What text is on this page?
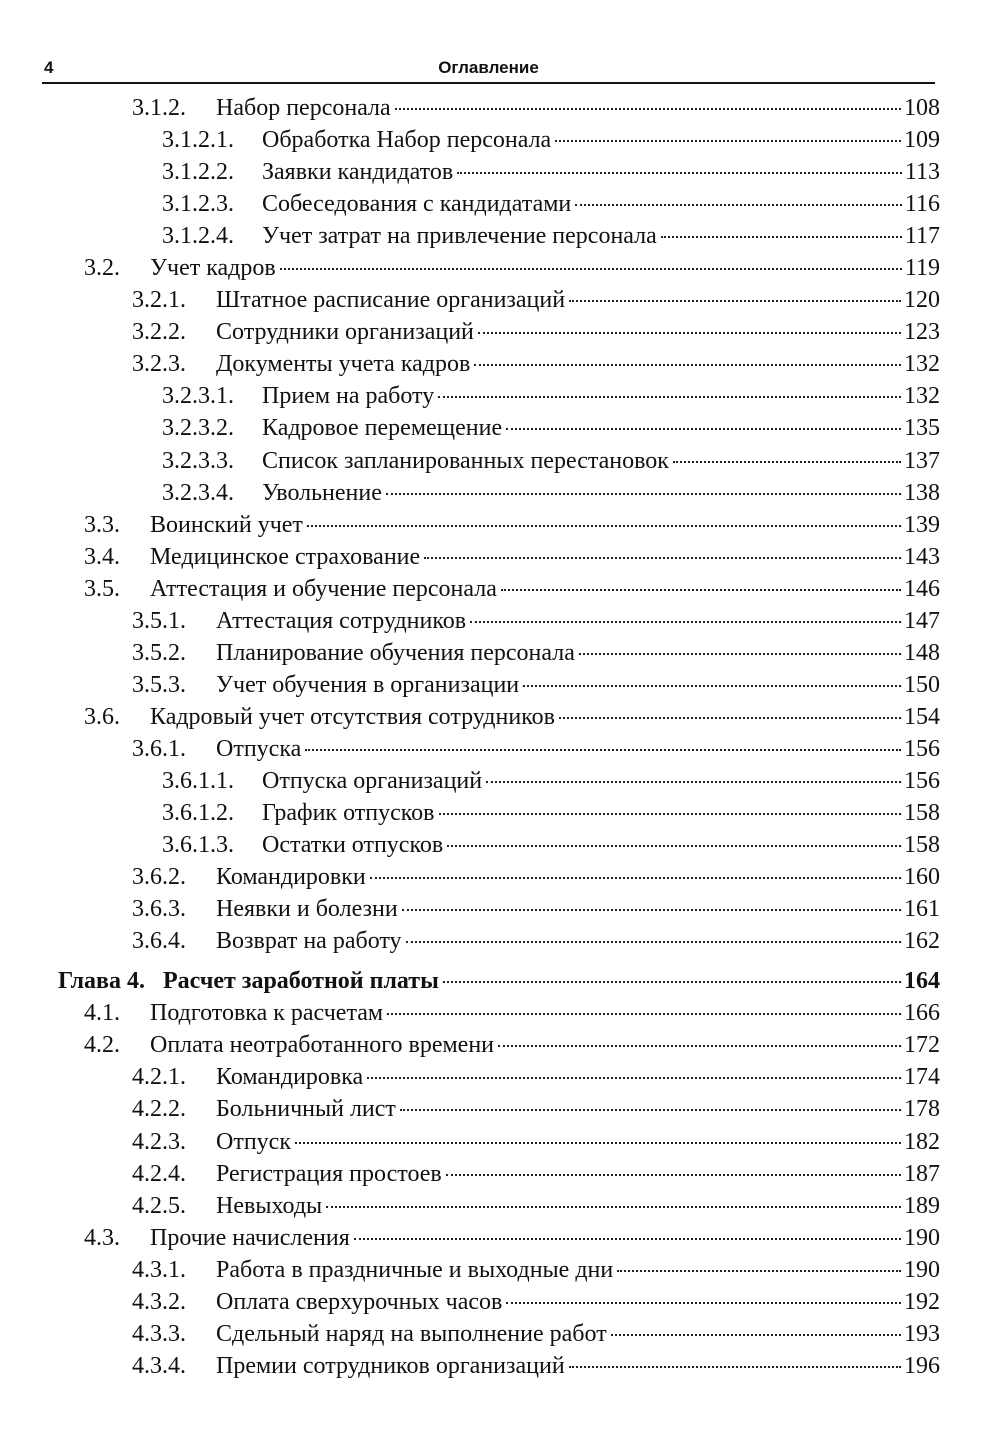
4	Оглавление
3.1.2.	Набор персонала	108
3.1.2.1.	Обработка Набор персонала	109
3.1.2.2.	Заявки кандидатов	113
3.1.2.3.	Собеседования с кандидатами	116
3.1.2.4.	Учет затрат на привлечение персонала	117
3.2.	Учет кадров	119
3.2.1.	Штатное расписание организаций	120
3.2.2.	Сотрудники организаций	123
3.2.3.	Документы учета кадров	132
3.2.3.1.	Прием на работу	132
3.2.3.2.	Кадровое перемещение	135
3.2.3.3.	Список запланированных перестановок	137
3.2.3.4.	Увольнение	138
3.3.	Воинский учет	139
3.4.	Медицинское страхование	143
3.5.	Аттестация и обучение персонала	146
3.5.1.	Аттестация сотрудников	147
3.5.2.	Планирование обучения персонала	148
3.5.3.	Учет обучения в организации	150
3.6.	Кадровый учет отсутствия сотрудников	154
3.6.1.	Отпуска	156
3.6.1.1.	Отпуска организаций	156
3.6.1.2.	График отпусков	158
3.6.1.3.	Остатки отпусков	158
3.6.2.	Командировки	160
3.6.3.	Неявки и болезни	161
3.6.4.	Возврат на работу	162
Глава 4. Расчет заработной платы	164
4.1.	Подготовка к расчетам	166
4.2.	Оплата неотработанного времени	172
4.2.1.	Командировка	174
4.2.2.	Больничный лист	178
4.2.3.	Отпуск	182
4.2.4.	Регистрация простоев	187
4.2.5.	Невыходы	189
4.3.	Прочие начисления	190
4.3.1.	Работа в праздничные и выходные дни	190
4.3.2.	Оплата сверхурочных часов	192
4.3.3.	Сдельный наряд на выполнение работ	193
4.3.4.	Премии сотрудников организаций	196
